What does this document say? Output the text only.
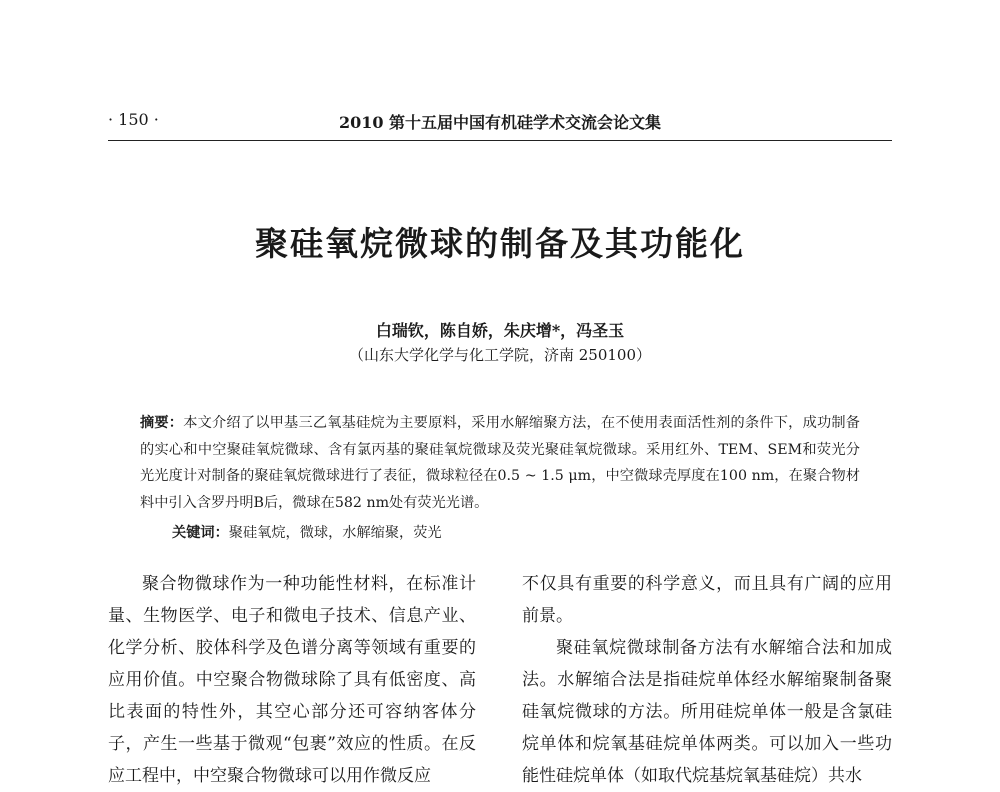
· 150 ·	2010 第十五届中国有机硅学术交流会论文集
聚硅氧烷微球的制备及其功能化
白瑞钦，陈自娇，朱庆增*，冯圣玉
（山东大学化学与化工学院，济南 250100）

摘要：本文介绍了以甲基三乙氧基硅烷为主要原料，采用水解缩聚方法，在不使用表面活性剂的条件下，成功制备的实心和中空聚硅氧烷微球、含有氯丙基的聚硅氧烷微球及荧光聚硅氧烷微球。采用红外、TEM、SEM和荧光分光光度计对制备的聚硅氧烷微球进行了表征，微球粒径在0.5 ~ 1.5 μm，中空微球壳厚度在100 nm，在聚合物材料中引入含罗丹明B后，微球在582 nm处有荧光光谱。

关键词：聚硅氧烷，微球，水解缩聚，荧光

聚合物微球作为一种功能性材料，在标准计量、生物医学、电子和微电子技术、信息产业、化学分析、胶体科学及色谱分离等领域有重要的应用价值。中空聚合物微球除了具有低密度、高比表面的特性外，其空心部分还可容纳客体分子，产生一些基于微观“包裹”效应的性质。在反应工程中，中空聚合物微球可以用作微反应

不仅具有重要的科学意义，而且具有广阔的应用前景。

聚硅氧烷微球制备方法有水解缩合法和加成法。水解缩合法是指硅烷单体经水解缩聚制备聚硅氧烷微球的方法。所用硅烷单体一般是含氯硅烷单体和烷氧基硅烷单体两类。可以加入一些功能性硅烷单体（如取代烷基烷氧基硅烷）共水
